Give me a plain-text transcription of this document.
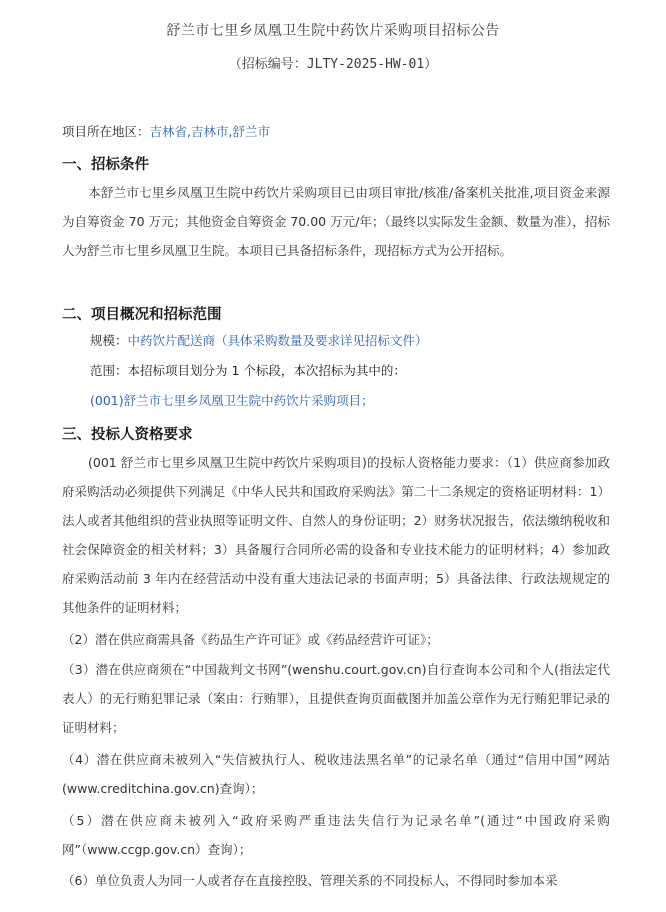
舒兰市七里乡凤凰卫生院中药饮片采购项目招标公告
（招标编号：JLTY-2025-HW-01）
项目所在地区：吉林省,吉林市,舒兰市
一、招标条件
本舒兰市七里乡凤凰卫生院中药饮片采购项目已由项目审批/核准/备案机关批准,项目资金来源为自筹资金 70 万元；其他资金自筹资金 70.00 万元/年；（最终以实际发生金额、数量为准），招标人为舒兰市七里乡凤凰卫生院。本项目已具备招标条件，现招标方式为公开招标。
二、项目概况和招标范围
规模：中药饮片配送商（具体采购数量及要求详见招标文件）
范围：本招标项目划分为 1 个标段，本次招标为其中的：
(001)舒兰市七里乡凤凰卫生院中药饮片采购项目；
三、投标人资格要求
(001 舒兰市七里乡凤凰卫生院中药饮片采购项目)的投标人资格能力要求：（1）供应商参加政府采购活动必须提供下列满足《中华人民共和国政府采购法》第二十二条规定的资格证明材料：1）法人或者其他组织的营业执照等证明文件、自然人的身份证明；2）财务状况报告，依法缴纳税收和社会保障资金的相关材料；3）具备履行合同所必需的设备和专业技术能力的证明材料；4）参加政府采购活动前 3 年内在经营活动中没有重大违法记录的书面声明；5）具备法律、行政法规规定的其他条件的证明材料；
（2）潜在供应商需具备《药品生产许可证》或《药品经营许可证》；
（3）潜在供应商须在“中国裁判文书网”(wenshu.court.gov.cn)自行查询本公司和个人(指法定代表人）的无行贿犯罪记录（案由：行贿罪），且提供查询页面截图并加盖公章作为无行贿犯罪记录的证明材料；
（4）潜在供应商未被列入“失信被执行人、税收违法黑名单”的记录名单（通过“信用中国”网站(www.creditchina.gov.cn)查询）；
（5）潜在供应商未被列入“政府采购严重违法失信行为记录名单”(通过“中国政府采购网”（www.ccgp.gov.cn）查询）；
（6）单位负责人为同一人或者存在直接控股、管理关系的不同投标人，不得同时参加本采
